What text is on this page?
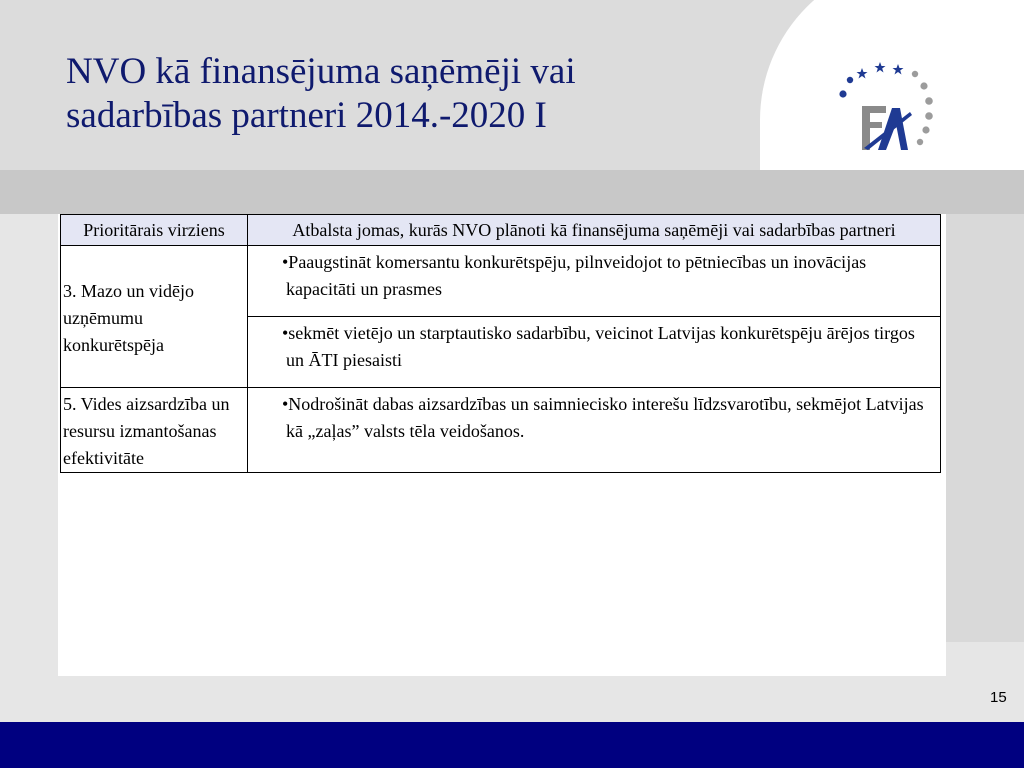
NVO kā finansējuma saņēmēji vai
sadarbības partneri 2014.-2020 I
Prioritārais virziens	Atbalsta jomas, kurās NVO plānoti kā finansējuma saņēmēji vai sadarbības partneri
3. Mazo un vidējo uzņēmumu konkurētspēja	•Paaugstināt komersantu konkurētspēju, pilnveidojot to pētniecības un inovācijas kapacitāti un prasmes

	•sekmēt vietējo un starptautisko sadarbību, veicinot Latvijas konkurētspēju ārējos tirgos un ĀTI piesaisti

5. Vides aizsardzība un resursu izmantošanas efektivitāte	•Nodrošināt dabas aizsardzības un saimniecisko interešu līdzsvarotību, sekmējot Latvijas kā „zaļas” valsts tēla veidošanos.
15
